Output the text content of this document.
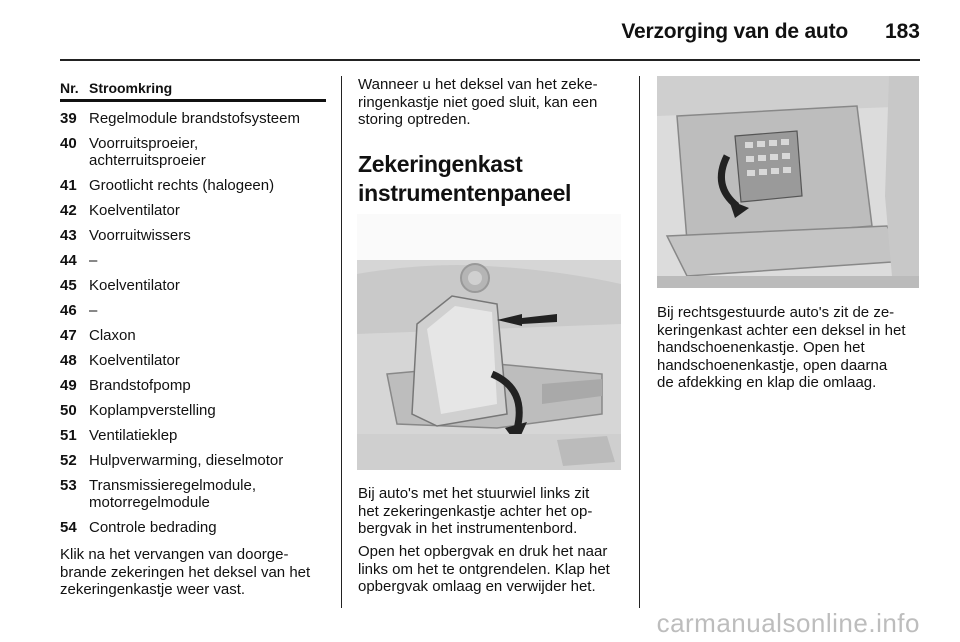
Verzorging van de auto 183
Nr. Stroomkring
39 Regelmodule brandstofsysteem
40 Voorruitsproeier,
achterruitsproeier
41 Grootlicht rechts (halogeen)
42 Koelventilator
43 Voorruitwissers
44 –
45 Koelventilator
46 –
47 Claxon
48 Koelventilator
49 Brandstofpomp
50 Koplampverstelling
51 Ventilatieklep
52 Hulpverwarming, dieselmotor
53 Transmissieregelmodule,
motorregelmodule
54 Controle bedrading

Klik na het vervangen van doorge-
brande zekeringen het deksel van het
zekeringenkastje weer vast.

Wanneer u het deksel van het zeke-
ringenkastje niet goed sluit, kan een
storing optreden.

Zekeringenkast
instrumentenpaneel

Bij auto's met het stuurwiel links zit
het zekeringenkastje achter het op-
bergvak in het instrumentenbord.

Open het opbergvak en druk het naar
links om het te ontgrendelen. Klap het
opbergvak omlaag en verwijder het.

Bij rechtsgestuurde auto's zit de ze-
keringenkast achter een deksel in het
handschoenenkastje. Open het
handschoenenkastje, open daarna
de afdekking en klap die omlaag.

carmanualsonline.info
